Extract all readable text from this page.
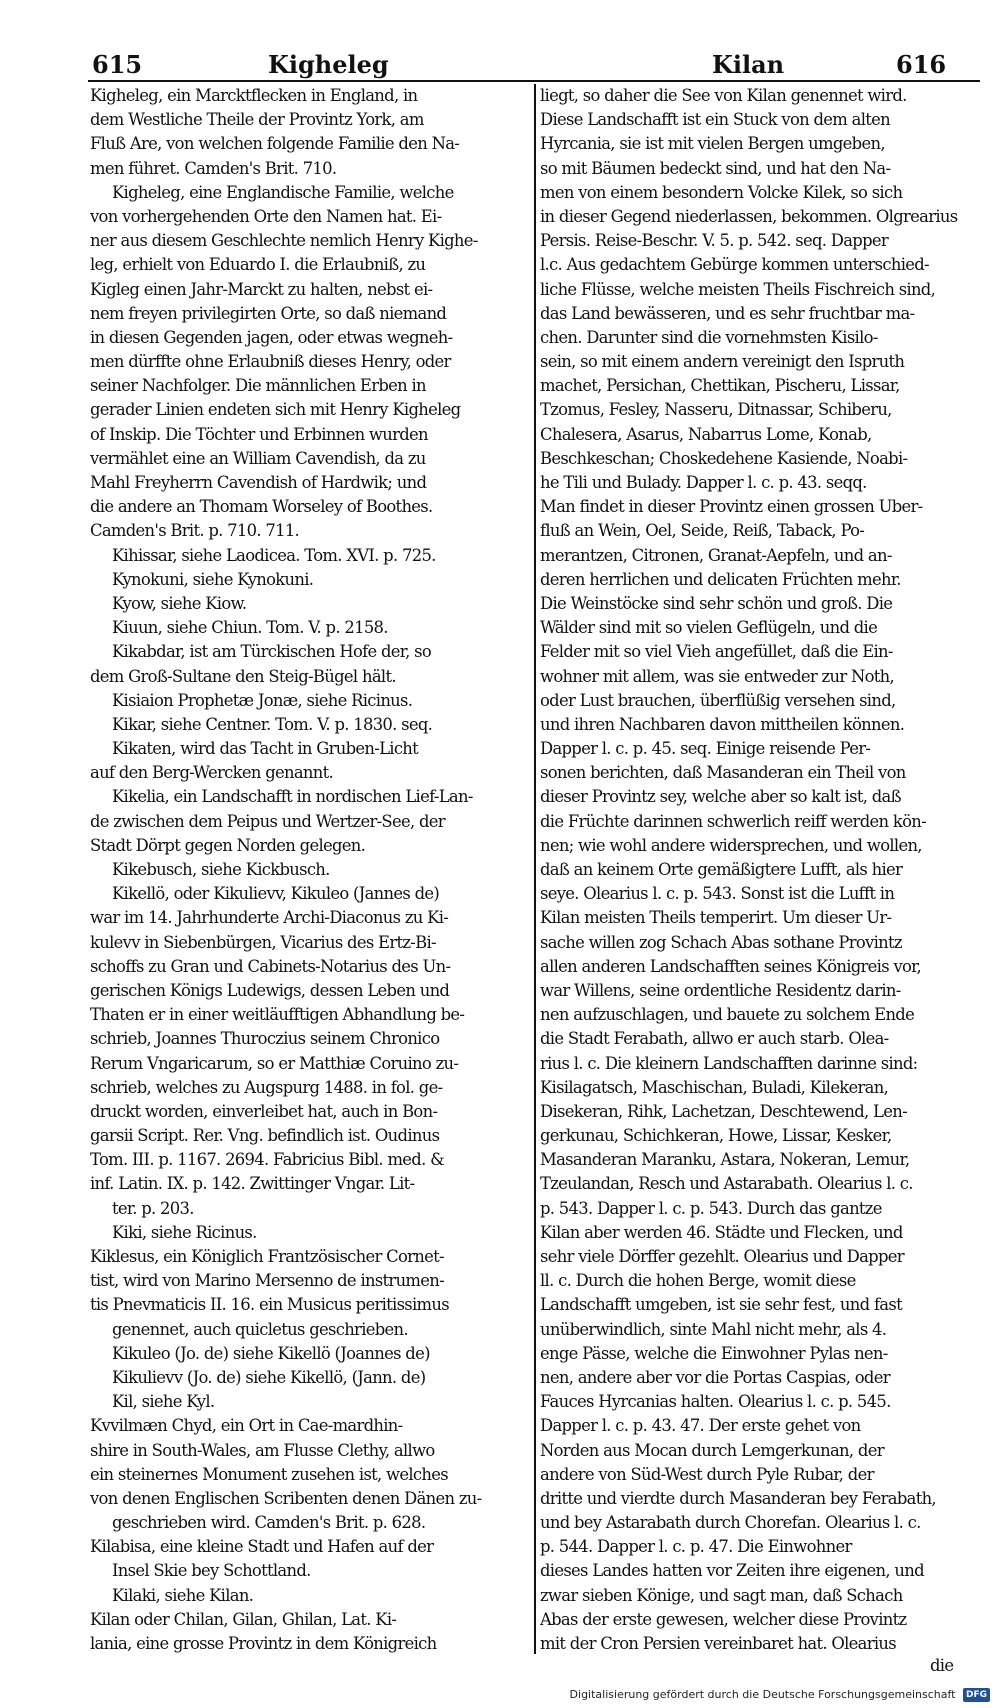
615	Kigheleg	Kilan	616
Kigheleg, ein Marcktflecken in England, in
dem Westliche Theile der Provintz York, am
Fluß Are, von welchen folgende Familie den Na-
men führet. Camden's Brit. 710.
Kigheleg, eine Englandische Familie, welche
von vorhergehenden Orte den Namen hat. Ei-
ner aus diesem Geschlechte nemlich Henry Kighe-
leg, erhielt von Eduardo I. die Erlaubniß, zu
Kigleg einen Jahr-Marckt zu halten, nebst ei-
nem freyen privilegirten Orte, so daß niemand
in diesen Gegenden jagen, oder etwas wegneh-
men dürffte ohne Erlaubniß dieses Henry, oder
seiner Nachfolger. Die männlichen Erben in
gerader Linien endeten sich mit Henry Kigheleg
of Inskip. Die Töchter und Erbinnen wurden
vermählet eine an William Cavendish, da zu
Mahl Freyherrn Cavendish of Hardwik; und
die andere an Thomam Worseley of Boothes.
Camden's Brit. p. 710. 711.
Kihissar, siehe Laodicea. Tom. XVI. p. 725.
Kynokuni, siehe Kynokuni.
Kyow, siehe Kiow.
Kiuun, siehe Chiun. Tom. V. p. 2158.
Kikabdar, ist am Türckischen Hofe der, so
dem Groß-Sultane den Steig-Bügel hält.
Kisiaion Prophetæ Jonæ, siehe Ricinus.
Kikar, siehe Centner. Tom. V. p. 1830. seq.
Kikaten, wird das Tacht in Gruben-Licht
auf den Berg-Wercken genannt.
Kikelia, ein Landschafft in nordischen Lief-Lan-
de zwischen dem Peipus und Wertzer-See, der
Stadt Dörpt gegen Norden gelegen.
Kikebusch, siehe Kickbusch.
Kikellö, oder Kikulievv, Kikuleo (Jannes de)
war im 14. Jahrhunderte Archi-Diaconus zu Ki-
kulevv in Siebenbürgen, Vicarius des Ertz-Bi-
schoffs zu Gran und Cabinets-Notarius des Un-
gerischen Königs Ludewigs, dessen Leben und
Thaten er in einer weitläufftigen Abhandlung be-
schrieb, Joannes Thuroczius seinem Chronico
Rerum Vngaricarum, so er Matthiæ Coruino zu-
schrieb, welches zu Augspurg 1488. in fol. ge-
druckt worden, einverleibet hat, auch in Bon-
garsii Script. Rer. Vng. befindlich ist. Oudinus
Tom. III. p. 1167. 2694. Fabricius Bibl. med. &
inf. Latin. IX. p. 142. Zwittinger Vngar. Lit-
ter. p. 203.
Kiki, siehe Ricinus.
Kiklesus, ein Königlich Frantzösischer Cornet-
tist, wird von Marino Mersenno de instrumen-
tis Pnevmaticis II. 16. ein Musicus peritissimus
genennet, auch quicletus geschrieben.
Kikuleo (Jo. de) siehe Kikellö (Joannes de)
Kikulievv (Jo. de) siehe Kikellö, (Jann. de)
Kil, siehe Kyl.
Kvvilmæn Chyd, ein Ort in Cae-mardhin-
shire in South-Wales, am Flusse Clethy, allwo
ein steinernes Monument zusehen ist, welches
von denen Englischen Scribenten denen Dänen zu-
geschrieben wird. Camden's Brit. p. 628.
Kilabisa, eine kleine Stadt und Hafen auf der
Insel Skie bey Schottland.
Kilaki, siehe Kilan.
Kilan oder Chilan, Gilan, Ghilan, Lat. Ki-
lania, eine grosse Provintz in dem Königreich
liegt, so daher die See von Kilan genennet wird.
Diese Landschafft ist ein Stuck von dem alten
Hyrcania, sie ist mit vielen Bergen umgeben,
so mit Bäumen bedeckt sind, und hat den Na-
men von einem besondern Volcke Kilek, so sich
in dieser Gegend niederlassen, bekommen. Olgrearius
Persis. Reise-Beschr. V. 5. p. 542. seq. Dapper
l.c. Aus gedachtem Gebürge kommen unterschied-
liche Flüsse, welche meisten Theils Fischreich sind,
das Land bewässeren, und es sehr fruchtbar ma-
chen. Darunter sind die vornehmsten Kisilo-
sein, so mit einem andern vereinigt den Ispruth
machet, Persichan, Chettikan, Pischeru, Lissar,
Tzomus, Fesley, Nasseru, Ditnassar, Schiberu,
Chalesera, Asarus, Nabarrus Lome, Konab,
Beschkeschan; Choskedehene Kasiende, Noabi-
he Tili und Bulady. Dapper l. c. p. 43. seqq.
Man findet in dieser Provintz einen grossen Uber-
fluß an Wein, Oel, Seide, Reiß, Taback, Po-
merantzen, Citronen, Granat-Aepfeln, und an-
deren herrlichen und delicaten Früchten mehr.
Die Weinstöcke sind sehr schön und groß. Die
Wälder sind mit so vielen Geflügeln, und die
Felder mit so viel Vieh angefüllet, daß die Ein-
wohner mit allem, was sie entweder zur Noth,
oder Lust brauchen, überflüßig versehen sind,
und ihren Nachbaren davon mittheilen können.
Dapper l. c. p. 45. seq. Einige reisende Per-
sonen berichten, daß Masanderan ein Theil von
dieser Provintz sey, welche aber so kalt ist, daß
die Früchte darinnen schwerlich reiff werden kön-
nen; wie wohl andere widersprechen, und wollen,
daß an keinem Orte gemäßigtere Lufft, als hier
seye. Olearius l. c. p. 543. Sonst ist die Lufft in
Kilan meisten Theils temperirt. Um dieser Ur-
sache willen zog Schach Abas sothane Provintz
allen anderen Landschafften seines Königreis vor,
war Willens, seine ordentliche Residentz darin-
nen aufzuschlagen, und bauete zu solchem Ende
die Stadt Ferabath, allwo er auch starb. Olea-
rius l. c. Die kleinern Landschafften darinne sind:
Kisilagatsch, Maschischan, Buladi, Kilekeran,
Disekeran, Rihk, Lachetzan, Deschtewend, Len-
gerkunau, Schichkeran, Howe, Lissar, Kesker,
Masanderan Maranku, Astara, Nokeran, Lemur,
Tzeulandan, Resch und Astarabath. Olearius l. c.
p. 543. Dapper l. c. p. 543. Durch das gantze
Kilan aber werden 46. Städte und Flecken, und
sehr viele Dörffer gezehlt. Olearius und Dapper
ll. c. Durch die hohen Berge, womit diese
Landschafft umgeben, ist sie sehr fest, und fast
unüberwindlich, sinte Mahl nicht mehr, als 4.
enge Pässe, welche die Einwohner Pylas nen-
nen, andere aber vor die Portas Caspias, oder
Fauces Hyrcanias halten. Olearius l. c. p. 545.
Dapper l. c. p. 43. 47. Der erste gehet von
Norden aus Mocan durch Lemgerkunan, der
andere von Süd-West durch Pyle Rubar, der
dritte und vierdte durch Masanderan bey Ferabath,
und bey Astarabath durch Chorefan. Olearius l. c.
p. 544. Dapper l. c. p. 47. Die Einwohner
dieses Landes hatten vor Zeiten ihre eigenen, und
zwar sieben Könige, und sagt man, daß Schach
Abas der erste gewesen, welcher diese Provintz
mit der Cron Persien vereinbaret hat. Olearius
die
Digitalisierung gefördert durch die Deutsche Forschungsgemeinschaft DFG
